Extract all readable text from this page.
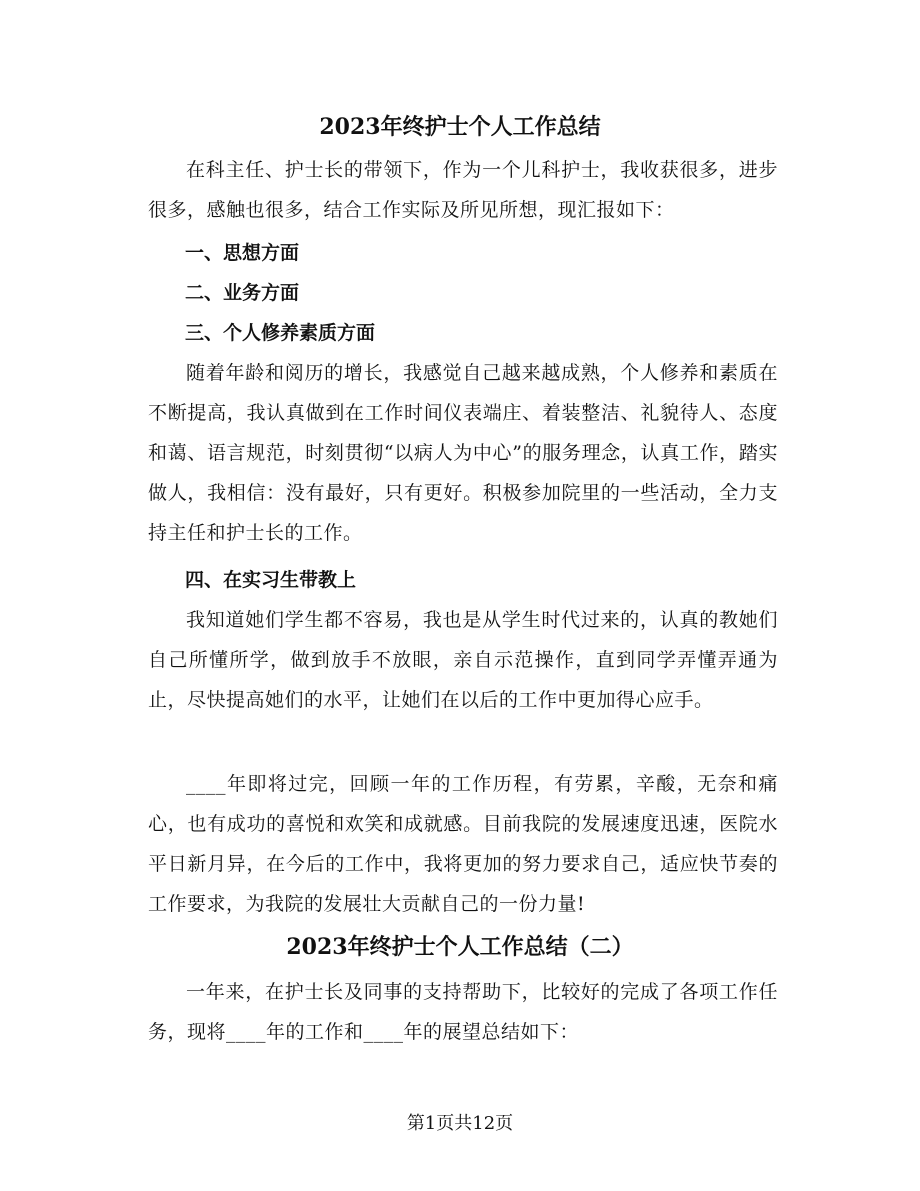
2023年终护士个人工作总结
在科主任、护士长的带领下，作为一个儿科护士，我收获很多，进步很多，感触也很多，结合工作实际及所见所想，现汇报如下：
一、思想方面
二、业务方面
三、个人修养素质方面
随着年龄和阅历的增长，我感觉自己越来越成熟，个人修养和素质在不断提高，我认真做到在工作时间仪表端庄、着装整洁、礼貌待人、态度和蔼、语言规范，时刻贯彻“以病人为中心”的服务理念，认真工作，踏实做人，我相信：没有最好，只有更好。积极参加院里的一些活动，全力支持主任和护士长的工作。
四、在实习生带教上
我知道她们学生都不容易，我也是从学生时代过来的，认真的教她们自己所懂所学，做到放手不放眼，亲自示范操作，直到同学弄懂弄通为止，尽快提高她们的水平，让她们在以后的工作中更加得心应手。
____年即将过完，回顾一年的工作历程，有劳累，辛酸，无奈和痛心，也有成功的喜悦和欢笑和成就感。目前我院的发展速度迅速，医院水平日新月异，在今后的工作中，我将更加的努力要求自己，适应快节奏的工作要求，为我院的发展壮大贡献自己的一份力量!
2023年终护士个人工作总结（二）
一年来，在护士长及同事的支持帮助下，比较好的完成了各项工作任务，现将____年的工作和____年的展望总结如下：
第1页共12页
